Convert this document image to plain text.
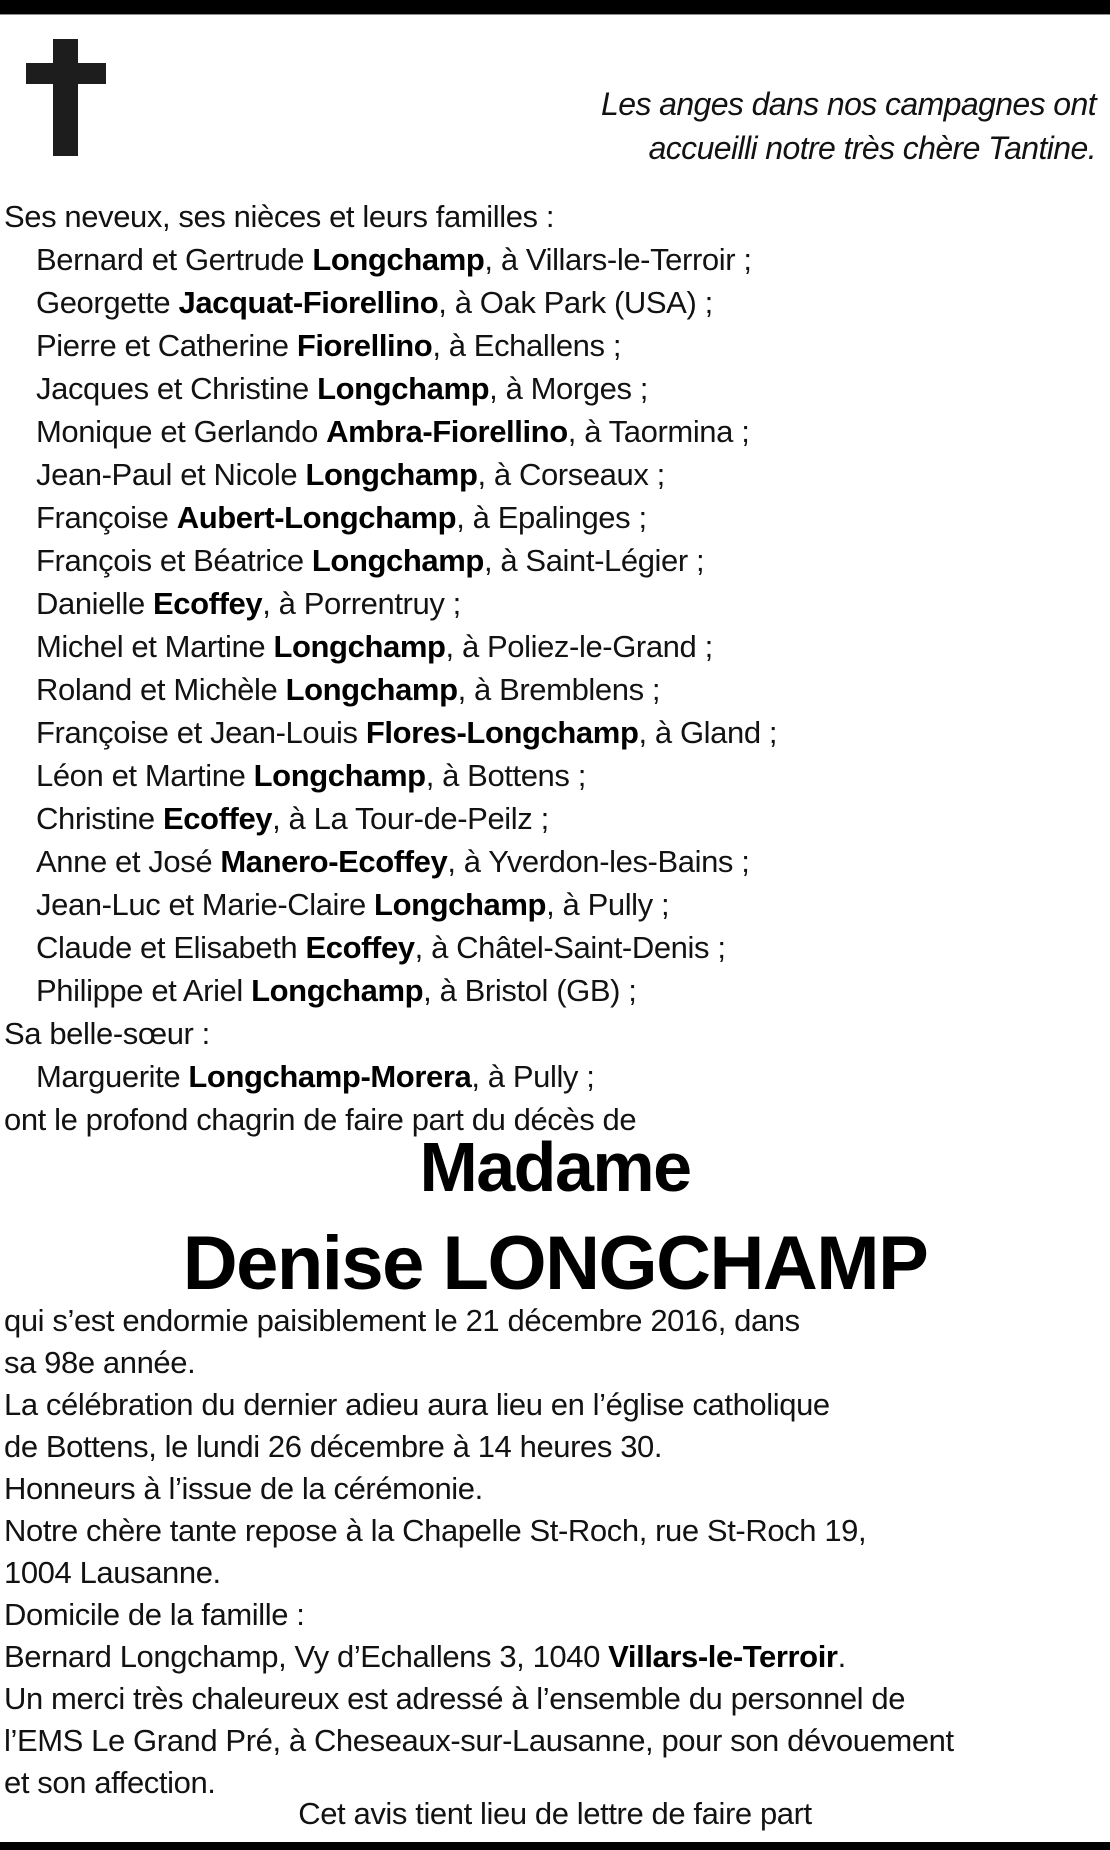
Les anges dans nos campagnes ont
accueilli notre très chère Tantine.
Ses neveux, ses nièces et leurs familles :
Bernard et Gertrude Longchamp, à Villars-le-Terroir ;
Georgette Jacquat-Fiorellino, à Oak Park (USA) ;
Pierre et Catherine Fiorellino, à Echallens ;
Jacques et Christine Longchamp, à Morges ;
Monique et Gerlando Ambra-Fiorellino, à Taormina ;
Jean-Paul et Nicole Longchamp, à Corseaux ;
Françoise Aubert-Longchamp, à Epalinges ;
François et Béatrice Longchamp, à Saint-Légier ;
Danielle Ecoffey, à Porrentruy ;
Michel et Martine Longchamp, à Poliez-le-Grand ;
Roland et Michèle Longchamp, à Bremblens ;
Françoise et Jean-Louis Flores-Longchamp, à Gland ;
Léon et Martine Longchamp, à Bottens ;
Christine Ecoffey, à La Tour-de-Peilz ;
Anne et José Manero-Ecoffey, à Yverdon-les-Bains ;
Jean-Luc et Marie-Claire Longchamp, à Pully ;
Claude et Elisabeth Ecoffey, à Châtel-Saint-Denis ;
Philippe et Ariel Longchamp, à Bristol (GB) ;
Sa belle-sœur :
Marguerite Longchamp-Morera, à Pully ;
ont le profond chagrin de faire part du décès de
Madame
Denise LONGCHAMP
qui s’est endormie paisiblement le 21 décembre 2016, dans
sa 98e année.
La célébration du dernier adieu aura lieu en l’église catholique
de Bottens, le lundi 26 décembre à 14 heures 30.
Honneurs à l’issue de la cérémonie.
Notre chère tante repose à la Chapelle St-Roch, rue St-Roch 19,
1004 Lausanne.
Domicile de la famille :
Bernard Longchamp, Vy d’Echallens 3, 1040 Villars-le-Terroir.
Un merci très chaleureux est adressé à l’ensemble du personnel de
l’EMS Le Grand Pré, à Cheseaux-sur-Lausanne, pour son dévouement
et son affection.
Cet avis tient lieu de lettre de faire part
